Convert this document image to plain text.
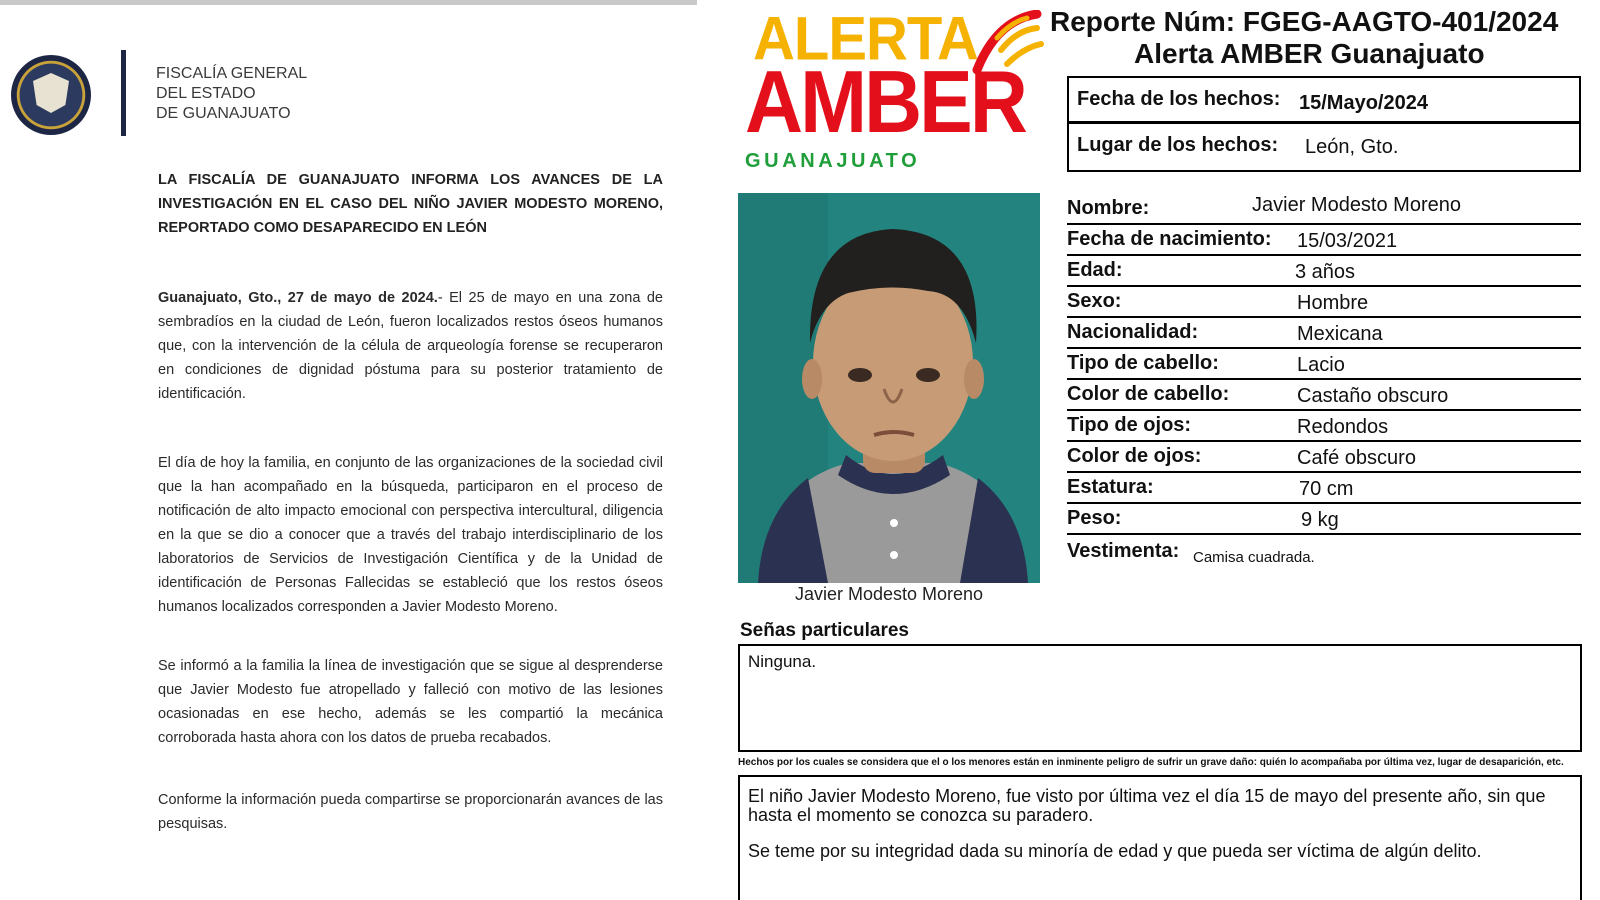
FISCALÍA GENERAL
DEL ESTADO
DE GUANAJUATO
LA FISCALÍA DE GUANAJUATO INFORMA LOS AVANCES DE LA INVESTIGACIÓN EN EL CASO DEL NIÑO JAVIER MODESTO MORENO, REPORTADO COMO DESAPARECIDO EN LEÓN
Guanajuato, Gto., 27 de mayo de 2024.- El 25 de mayo en una zona de sembradíos en la ciudad de León, fueron localizados restos óseos humanos que, con la intervención de la célula de arqueología forense se recuperaron en condiciones de dignidad póstuma para su posterior tratamiento de identificación.
El día de hoy la familia, en conjunto de las organizaciones de la sociedad civil que la han acompañado en la búsqueda, participaron en el proceso de notificación de alto impacto emocional con perspectiva intercultural, diligencia en la que se dio a conocer que a través del trabajo interdisciplinario de los laboratorios de Servicios de Investigación Científica y de la Unidad de identificación de Personas Fallecidas se estableció que los restos óseos humanos localizados corresponden a Javier Modesto Moreno.
Se informó a la familia la línea de investigación que se sigue al desprenderse que Javier Modesto fue atropellado y falleció con motivo de las lesiones ocasionadas en ese hecho, además se les compartió la mecánica corroborada hasta ahora con los datos de prueba recabados.
Conforme la información pueda compartirse se proporcionarán avances de las pesquisas.
ALERTA
AMBER
GUANAJUATO
Reporte Núm: FGEG-AAGTO-401/2024
Alerta AMBER Guanajuato
Fecha de los hechos: 15/Mayo/2024
Lugar de los hechos: León, Gto.
Javier Modesto Moreno
Nombre:	Javier Modesto Moreno
Fecha de nacimiento: 15/03/2021
Edad:	3 años
Sexo:	Hombre
Nacionalidad:	Mexicana
Tipo de cabello:	Lacio
Color de cabello:	Castaño obscuro
Tipo de ojos:	Redondos
Color de ojos:	Café obscuro
Estatura:	70 cm
Peso:	9 kg
Vestimenta: Camisa cuadrada.
Señas particulares
Ninguna.
Hechos por los cuales se considera que el o los menores están en inminente peligro de sufrir un grave daño: quién lo acompañaba por última vez, lugar de desaparición, etc.
El niño Javier Modesto Moreno, fue visto por última vez el día 15 de mayo del presente año, sin que hasta el momento se conozca su paradero.
Se teme por su integridad dada su minoría de edad y que pueda ser víctima de algún delito.
